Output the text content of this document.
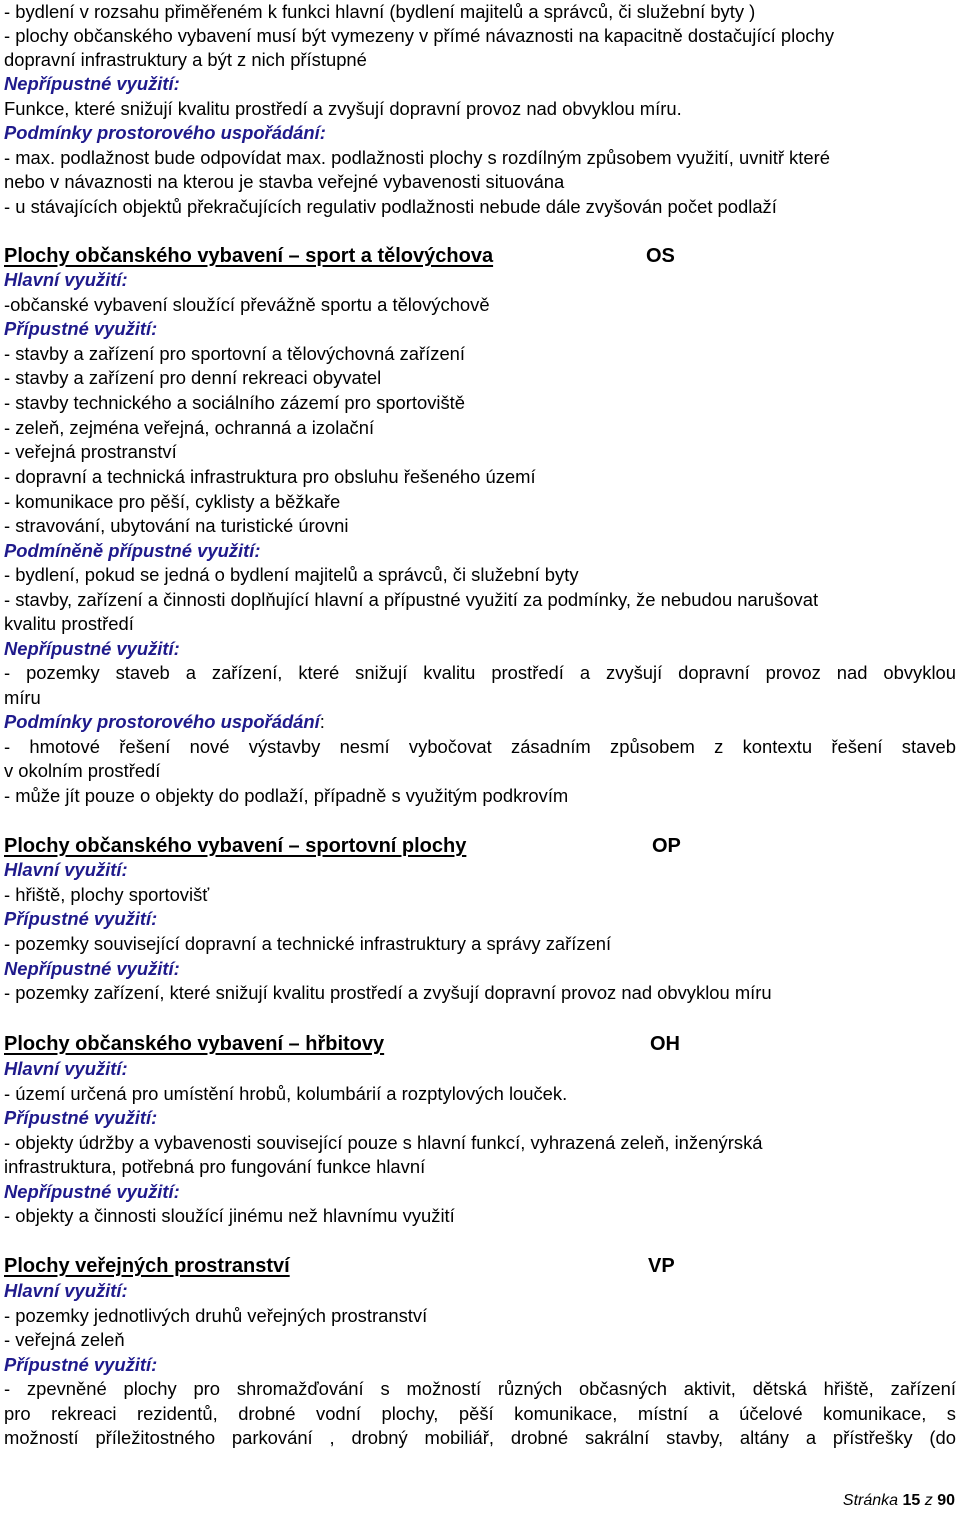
- bydlení v rozsahu přiměřeném k funkci hlavní (bydlení majitelů a správců, či služební byty )

- plochy občanského vybavení musí být vymezeny v přímé návaznosti na kapacitně dostačující plochy

dopravní infrastruktury a být z nich přístupné

Nepřípustné využití:

Funkce, které snižují kvalitu prostředí a zvyšují dopravní provoz nad obvyklou míru.

Podmínky prostorového uspořádání:

- max. podlažnost bude odpovídat max. podlažnosti plochy s rozdílným způsobem využití, uvnitř které

nebo v návaznosti na kterou je stavba veřejné vybavenosti situována

- u stávajících objektů překračujících regulativ podlažnosti nebude dále zvyšován počet podlaží

Plochy občanského vybavení – sport a tělovýchova	OS

Hlavní využití:

-občanské vybavení sloužící převážně sportu a tělovýchově

Přípustné využití:

- stavby a zařízení pro sportovní a tělovýchovná zařízení

- stavby a zařízení pro denní rekreaci obyvatel

- stavby technického a sociálního zázemí pro sportoviště

- zeleň, zejména veřejná, ochranná a izolační

- veřejná prostranství

- dopravní a technická infrastruktura pro obsluhu řešeného území

- komunikace pro pěší, cyklisty a běžkaře

- stravování, ubytování na turistické úrovni

Podmíněně přípustné využití:

- bydlení, pokud se jedná o bydlení majitelů a správců, či služební byty

- stavby, zařízení a činnosti doplňující hlavní a přípustné využití za podmínky, že nebudou narušovat

kvalitu prostředí

Nepřípustné využití:

- pozemky staveb a zařízení, které snižují kvalitu prostředí a zvyšují dopravní provoz nad obvyklou

míru

Podmínky prostorového uspořádání:

- hmotové řešení nové výstavby nesmí vybočovat zásadním způsobem z kontextu řešení staveb

v okolním prostředí

- může jít pouze o objekty do podlaží, případně s využitým podkrovím

Plochy občanského vybavení – sportovní plochy	OP

Hlavní využití:

- hřiště, plochy sportovišť

Přípustné využití:

- pozemky související dopravní a technické infrastruktury a správy zařízení

Nepřípustné využití:

- pozemky zařízení, které snižují kvalitu prostředí a zvyšují dopravní provoz nad obvyklou míru

Plochy občanského vybavení – hřbitovy	OH

Hlavní využití:

- území určená pro umístění hrobů, kolumbárií a rozptylových louček.

Přípustné využití:

- objekty údržby a vybavenosti související pouze s hlavní funkcí, vyhrazená zeleň, inženýrská

infrastruktura, potřebná pro fungování funkce hlavní

Nepřípustné využití:

- objekty a činnosti sloužící jinému než hlavnímu využití

Plochy veřejných prostranství	VP

Hlavní využití:

- pozemky jednotlivých druhů veřejných prostranství

- veřejná zeleň

Přípustné využití:

- zpevněné plochy pro shromažďování s možností různých občasných aktivit, dětská hřiště, zařízení

pro rekreaci rezidentů, drobné vodní plochy, pěší komunikace, místní a účelové komunikace, s

možností příležitostného parkování , drobný mobiliář, drobné sakrální stavby, altány a přístřešky (do

Stránka 15 z 90
